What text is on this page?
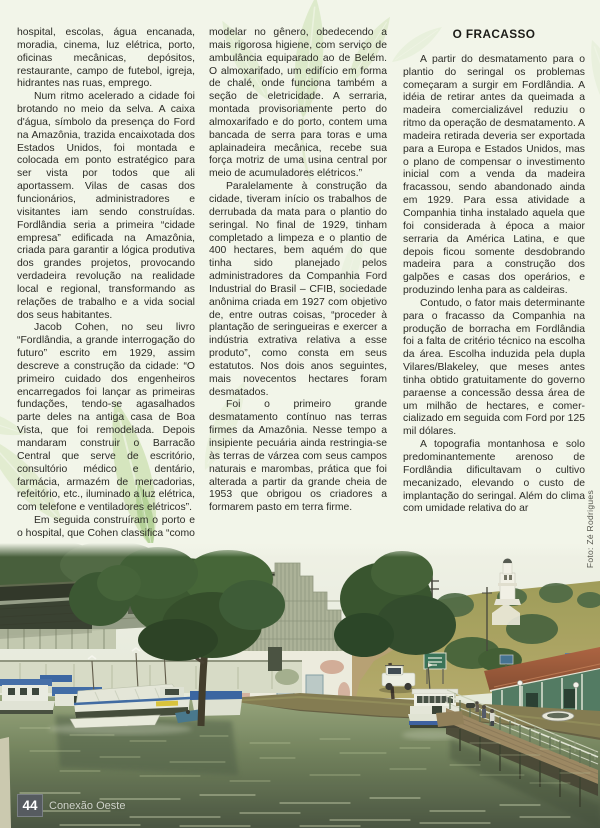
hospital, escolas, água encanada, moradia, cinema, luz elétrica, porto, oficinas mecânicas, depósitos, restaurante, campo de futebol, igreja, hidrantes nas ruas, emprego.

Num ritmo acelerado a cidade foi brotando no meio da selva. A caixa d'água, símbolo da presença do Ford na Amazônia, trazida encaixotada dos Estados Unidos, foi montada e colocada em ponto estratégico para ser vista por todos que ali aportassem. Vilas de casas dos funcionários, administradores e visitantes iam sendo construídas. Fordlândia seria a primeira “cidade empresa” edificada na Amazônia, criada para garantir a lógica produtiva dos grandes projetos, provocando verdadeira revolução na realidade local e regional, transformando as relações de trabalho e a vida social dos seus habitantes.

Jacob Cohen, no seu livro “Fordlândia, a grande interrogação do futuro” escrito em 1929, assim descreve a construção da cidade: “O primeiro cuidado dos engenheiros encarregados foi lançar as primeiras fundações, tendo-se agasalhados parte deles na antiga casa de Boa Vista, que foi remodelada. Depois mandaram construir o Barracão Central que serve de escritório, consultório médico e dentário, farmácia, armazém de mercadorias, refeitório, etc., iluminado a luz elétrica, com telefone e ventiladores elétricos”.

Em seguida construíram o porto e o hospital, que Cohen classifica “como

modelar no gênero, obedecendo a mais rigorosa higiene, com serviço de ambulância equiparado ao de Belém. O almoxarifado, um edifício em forma de chalé, onde funciona também a seção de eletricidade. A serraria, montada provisoriamente perto do almoxarifado e do porto, contem uma bancada de serra para toras e uma aplainadeira mecânica, recebe sua força motriz de uma usina central por meio de acumuladores elétricos.”

Paralelamente à construção da cidade, tiveram início os trabalhos de derrubada da mata para o plantio do seringal. No final de 1929, tinham completado a limpeza e o plantio de 400 hectares, bem aquém do que tinha sido planejado pelos administradores da Companhia Ford Industrial do Brasil – CFIB, sociedade anônima criada em 1927 com objetivo de, entre outras coisas, “proceder à plantação de seringueiras e exercer a indústria extrativa relativa a esse produto”, como consta em seus estatutos. Nos dois anos seguintes, mais novecentos hectares foram desmatados.

Foi o primeiro grande desmatamento contínuo nas terras firmes da Amazônia. Nesse tempo a insipiente pecuária ainda restringia-se às terras de várzea com seus campos naturais e marombas, prática que foi alterada a partir da grande cheia de 1953 que obrigou os criadores a formarem pasto em terra firme.

O FRACASSO

A partir do desmatamento para o plantio do seringal os problemas começaram a surgir em Fordlândia. A idéia de retirar antes da queimada a madeira comercializável reduziu o ritmo da operação de desmatamento. A madeira retirada deveria ser exportada para a Europa e Estados Unidos, mas o plano de compensar o investimento inicial com a venda da madeira fracassou, sendo abandonado ainda em 1929. Para essa atividade a Companhia tinha instalado aquela que foi considerada à época a maior serraria da América Latina, e que depois ficou somente desdobrando madeira para a construção dos galpões e casas dos operários, e produzindo lenha para as caldeiras.

Contudo, o fator mais determinante para o fracasso da Companhia na produção de borracha em Fordlândia foi a falta de critério técnico na escolha da área. Escolha induzida pela dupla Vilares/Blakeley, que meses antes tinha obtido gratuitamente do governo paraense a concessão dessa área de um milhão de hectares, e comer-cializado em seguida com Ford por 125 mil dólares.

A topografia montanhosa e solo predominantemente arenoso de Fordlândia dificultavam o cultivo mecanizado, elevando o custo de implantação do seringal. Além do clima com umidade relativa do ar	Foto: Zé Rodrigues
44	Conexão Oeste
